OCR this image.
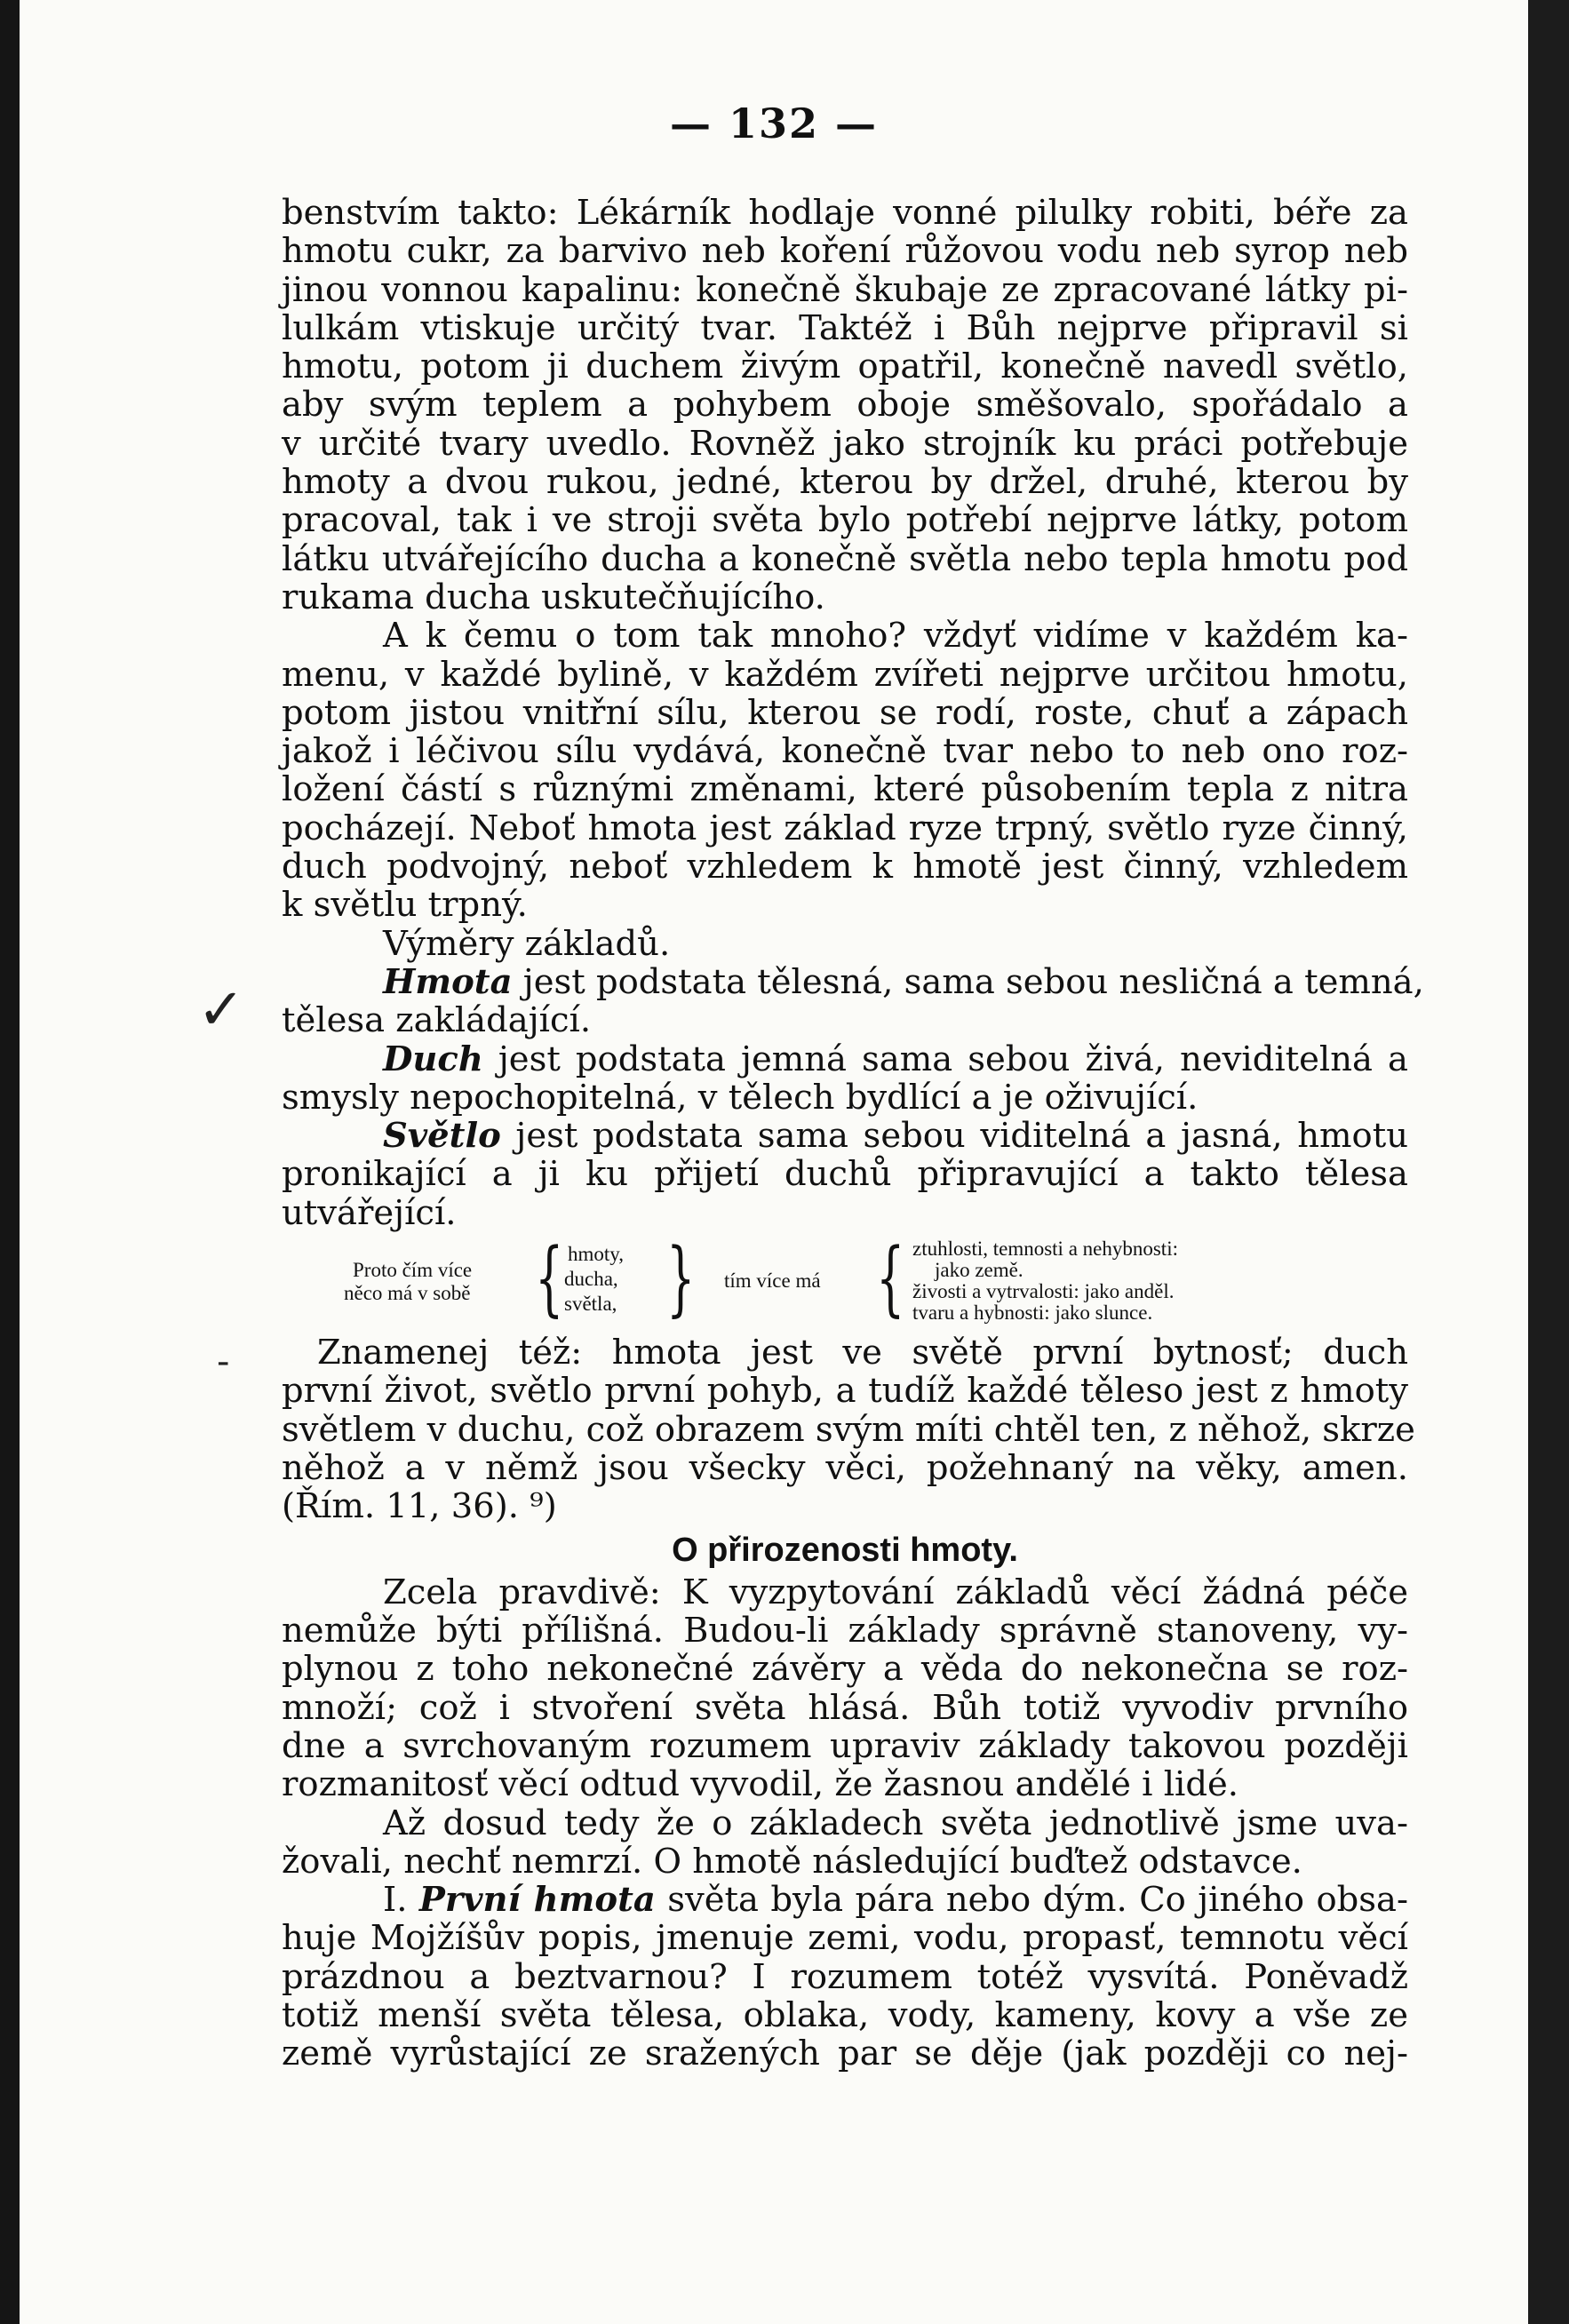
— 132 —
✓
-

benstvím takto: Lékárník hodlaje vonné pilulky robiti, béře za

hmotu cukr, za barvivo neb koření růžovou vodu neb syrop neb

jinou vonnou kapalinu: konečně škubaje ze zpracované látky pi-

lulkám vtiskuje určitý tvar. Taktéž i Bůh nejprve připravil si

hmotu, potom ji duchem živým opatřil, konečně navedl světlo,

aby svým teplem a pohybem oboje směšovalo, spořádalo a

v určité tvary uvedlo. Rovněž jako strojník ku práci potřebuje

hmoty a dvou rukou, jedné, kterou by držel, druhé, kterou by

pracoval, tak i ve stroji světa bylo potřebí nejprve látky, potom

látku utvářejícího ducha a konečně světla nebo tepla hmotu pod

rukama ducha uskutečňujícího.

A k čemu o tom tak mnoho? vždyť vidíme v každém ka-

menu, v každé bylině, v každém zvířeti nejprve určitou hmotu,

potom jistou vnitřní sílu, kterou se rodí, roste, chuť a zápach

jakož i léčivou sílu vydává, konečně tvar nebo to neb ono roz-

ložení částí s různými změnami, které působením tepla z nitra

pocházejí. Neboť hmota jest základ ryze trpný, světlo ryze činný,

duch podvojný, neboť vzhledem k hmotě jest činný, vzhledem

k světlu trpný.

Výměry základů.

Hmota jest podstata tělesná, sama sebou nesličná a temná,

tělesa zakládající.

Duch jest podstata jemná sama sebou živá, neviditelná a

smysly nepochopitelná, v tělech bydlící a je oživující.

Světlo jest podstata sama sebou viditelná a jasná, hmotu

pronikající a ji ku přijetí duchů připravující a takto tělesa

utvářející.

Proto čím více
něco má v sobě { hmoty,
ducha,
světla, } tím více má { ztuhlosti, temnosti a nehybnosti:
jako země.
živosti a vytrvalosti: jako anděl.
tvaru a hybnosti: jako slunce.

Znamenej též: hmota jest ve světě první bytnosť; duch

první život, světlo první pohyb, a tudíž každé těleso jest z hmoty

světlem v duchu, což obrazem svým míti chtěl ten, z něhož, skrze

něhož a v němž jsou všecky věci, požehnaný na věky, amen.

(Řím. 11, 36). ⁹)

O přirozenosti hmoty.

Zcela pravdivě: K vyzpytování základů věcí žádná péče

nemůže býti přílišná. Budou-li základy správně stanoveny, vy-

plynou z toho nekonečné závěry a věda do nekonečna se roz-

množí; což i stvoření světa hlásá. Bůh totiž vyvodiv prvního

dne a svrchovaným rozumem upraviv základy takovou později

rozmanitosť věcí odtud vyvodil, že žasnou andělé i lidé.

Až dosud tedy že o základech světa jednotlivě jsme uva-

žovali, nechť nemrzí. O hmotě následující buďtež odstavce.

I. První hmota světa byla pára nebo dým. Co jiného obsa-

huje Mojžíšův popis, jmenuje zemi, vodu, propasť, temnotu věcí

prázdnou a beztvarnou? I rozumem totéž vysvítá. Poněvadž

totiž menší světa tělesa, oblaka, vody, kameny, kovy a vše ze

země vyrůstající ze sražených par se děje (jak později co nej-
